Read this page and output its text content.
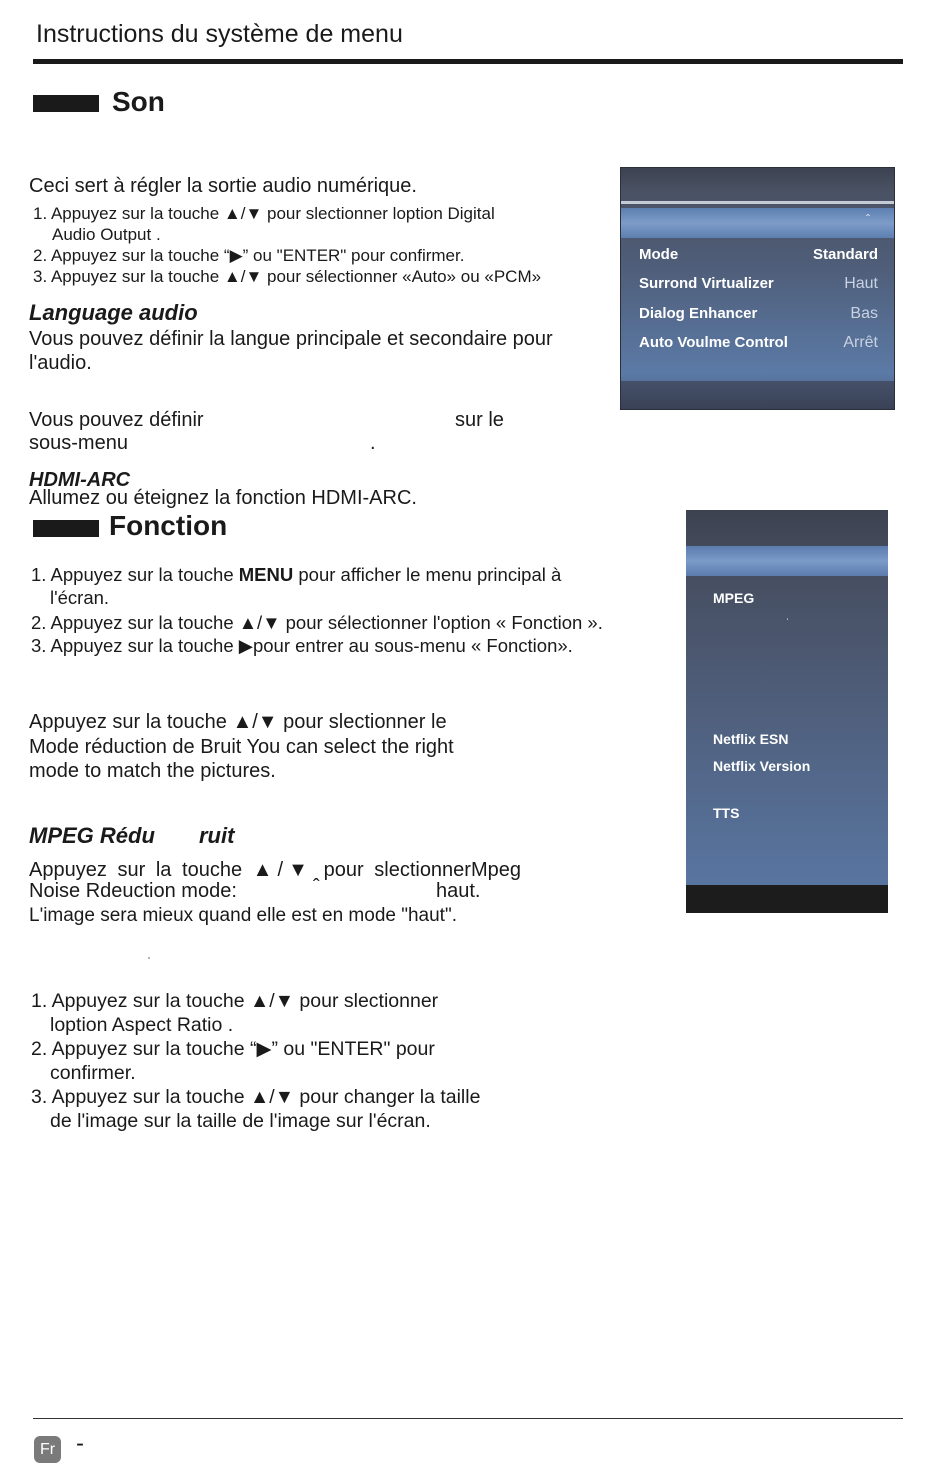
Instructions du système de menu
Son
Ceci sert à régler la sortie audio numérique.
1. Appuyez sur la touche ▲/▼ pour slectionner loption Digital
Audio Output .
2. Appuyez sur la touche “▶” ou "ENTER" pour confirmer.
3. Appuyez sur la touche ▲/▼ pour sélectionner «Auto» ou «PCM»
Language audio
Vous pouvez définir la langue principale et secondaire pour
l'audio.
Vous pouvez définir	sur le
sous-menu	.
HDMI-ARC
Allumez ou éteignez la fonction HDMI-ARC.
ˆ
Mode	Standard
Surrond Virtualizer	Haut
Dialog Enhancer	Bas
Auto Voulme Control	Arrêt
Fonction
1. Appuyez sur la touche MENU pour afficher le menu principal à
l'écran.
2. Appuyez sur la touche ▲/▼ pour sélectionner l'option « Fonction ».
3. Appuyez sur la touche ▶pour entrer au sous-menu « Fonction».
Appuyez sur la touche ▲/▼ pour slectionner le
Mode réduction de Bruit You can select the right
mode to match the pictures.
MPEG Rédu ruit
Appuyez sur la touche ▲/▼ pour slectionnerMpeg
Noise Rdeuction mode:	ˆ	haut.
L'image sera mieux quand elle est en mode "haut".
ˈ
1. Appuyez sur la touche ▲/▼ pour slectionner
loption Aspect Ratio .
2. Appuyez sur la touche “▶” ou "ENTER" pour
confirmer.
3. Appuyez sur la touche ▲/▼ pour changer la taille
de l'image sur la taille de l'image sur l'écran.
MPEG
ˈ
Netflix ESN
Netflix Version
TTS
Fr -
